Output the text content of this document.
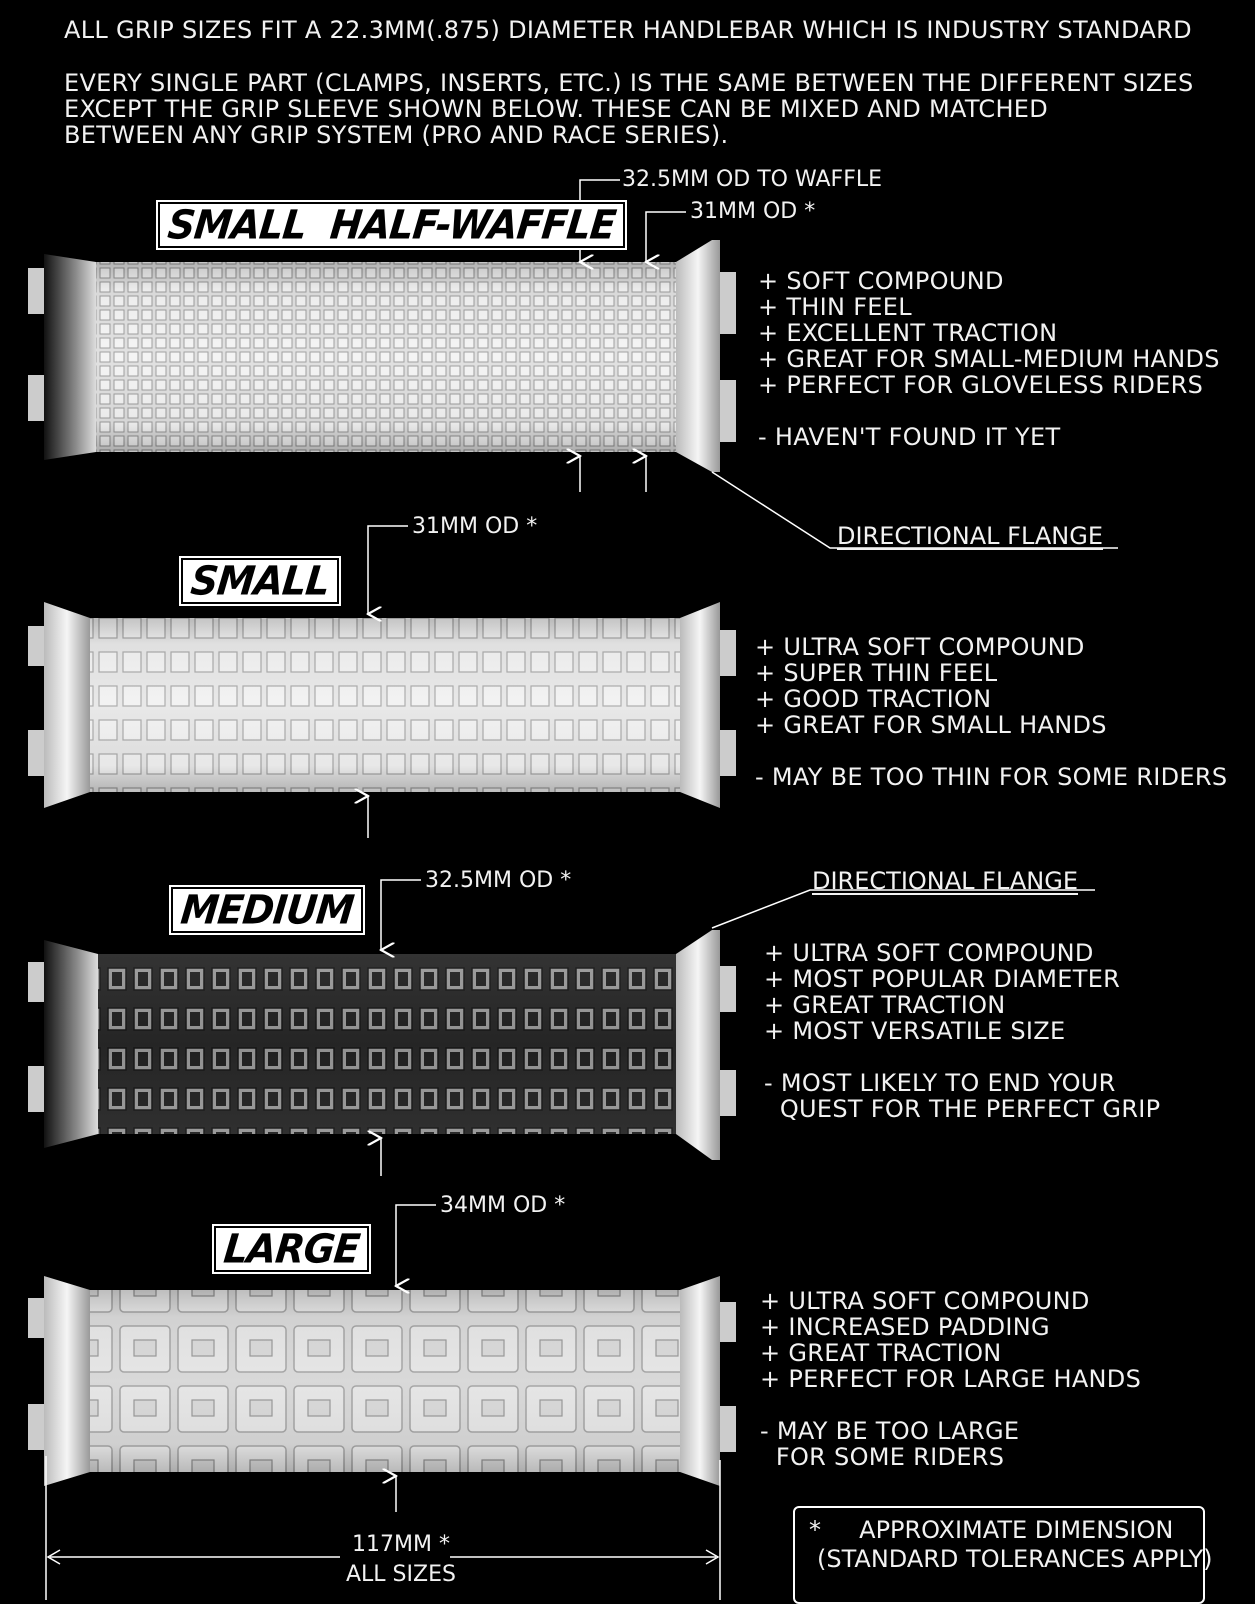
ALL GRIP SIZES FIT A 22.3MM(.875) DIAMETER HANDLEBAR WHICH IS INDUSTRY STANDARD
EVERY SINGLE PART (CLAMPS, INSERTS, ETC.) IS THE SAME BETWEEN THE DIFFERENT SIZES
EXCEPT THE GRIP SLEEVE SHOWN BELOW. THESE CAN BE MIXED AND MATCHED
BETWEEN ANY GRIP SYSTEM (PRO AND RACE SERIES).
SMALL  HALF-WAFFLE
32.5MM OD TO WAFFLE
31MM OD *
+ SOFT COMPOUND
+ THIN FEEL
+ EXCELLENT TRACTION
+ GREAT FOR SMALL-MEDIUM HANDS
+ PERFECT FOR GLOVELESS RIDERS
- HAVEN'T FOUND IT YET
DIRECTIONAL FLANGE
SMALL
31MM OD *
+ ULTRA SOFT COMPOUND
+ SUPER THIN FEEL
+ GOOD TRACTION
+ GREAT FOR SMALL HANDS
- MAY BE TOO THIN FOR SOME RIDERS
MEDIUM
32.5MM OD *	DIRECTIONAL FLANGE
+ ULTRA SOFT COMPOUND
+ MOST POPULAR DIAMETER
+ GREAT TRACTION
+ MOST VERSATILE SIZE
- MOST LIKELY TO END YOUR
QUEST FOR THE PERFECT GRIP
LARGE
34MM OD *
+ ULTRA SOFT COMPOUND
+ INCREASED PADDING
+ GREAT TRACTION
+ PERFECT FOR LARGE HANDS
- MAY BE TOO LARGE
FOR SOME RIDERS
117MM *
ALL SIZES
*     APPROXIMATE DIMENSION
(STANDARD TOLERANCES APPLY)
